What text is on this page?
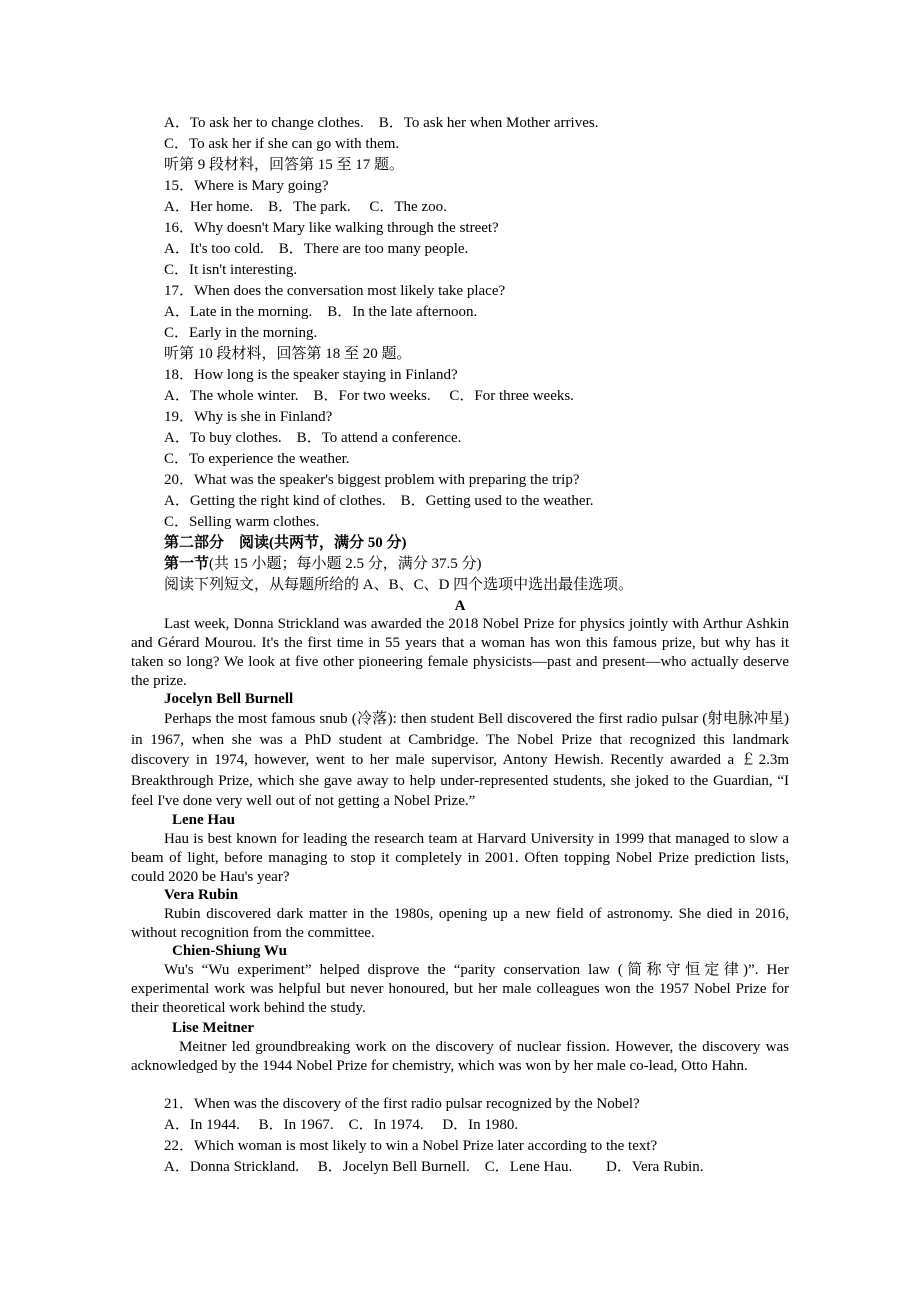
A．To ask her to change clothes.　B．To ask her when Mother arrives.
C．To ask her if she can go with them.
听第 9 段材料，回答第 15 至 17 题。
15．Where is Mary going?
A．Her home.　B．The park.　 C．The zoo.
16．Why doesn't Mary like walking through the street?
A．It's too cold.　B．There are too many people.
C．It isn't interesting.
17．When does the conversation most likely take place?
A．Late in the morning.　B．In the late afternoon.
C．Early in the morning.
听第 10 段材料，回答第 18 至 20 题。
18．How long is the speaker staying in Finland?
A．The whole winter.　B．For two weeks.　 C．For three weeks.
19．Why is she in Finland?
A．To buy clothes.　B．To attend a conference.
C．To experience the weather.
20．What was the speaker's biggest problem with preparing the trip?
A．Getting the right kind of clothes.　B．Getting used to the weather.
C．Selling warm clothes.
第二部分　阅读(共两节，满分 50 分)
第一节(共 15 小题；每小题 2.5 分，满分 37.5 分)
阅读下列短文，从每题所给的 A、B、C、D 四个选项中选出最佳选项。
A
Last week, Donna Strickland was awarded the 2018 Nobel Prize for physics jointly with Arthur Ashkin and Gérard Mourou. It's the first time in 55 years that a woman has won this famous prize, but why has it taken so long? We look at five other pioneering female physicists—past and present—who actually deserve the prize.
Jocelyn Bell Burnell
Perhaps the most famous snub (冷落): then student Bell discovered the first radio pulsar (射电脉冲星) in 1967, when she was a PhD student at Cambridge. The Nobel Prize that recognized this landmark discovery in 1974, however, went to her male supervisor, Antony Hewish. Recently awarded a ￡2.3m Breakthrough Prize, which she gave away to help under-represented students, she joked to the Guardian, “I feel I've done very well out of not getting a Nobel Prize.”
Lene Hau
Hau is best known for leading the research team at Harvard University in 1999 that managed to slow a beam of light, before managing to stop it completely in 2001. Often topping Nobel Prize prediction lists, could 2020 be Hau's year?
Vera Rubin
Rubin discovered dark matter in the 1980s, opening up a new field of astronomy. She died in 2016, without recognition from the committee.
Chien-Shiung Wu
Wu's “Wu experiment” helped disprove the “parity conservation law (简称守恒定律)”. Her experimental work was helpful but never honoured, but her male colleagues won the 1957 Nobel Prize for their theoretical work behind the study.
Lise Meitner
Meitner led groundbreaking work on the discovery of nuclear fission. However, the discovery was acknowledged by the 1944 Nobel Prize for chemistry, which was won by her male co-lead, Otto Hahn.
21．When was the discovery of the first radio pulsar recognized by the Nobel?
A．In 1944.　 B．In 1967.　C．In 1974.　 D．In 1980.
22．Which woman is most likely to win a Nobel Prize later according to the text?
A．Donna Strickland.　 B．Jocelyn Bell Burnell.　C．Lene Hau.　　 D．Vera Rubin.
